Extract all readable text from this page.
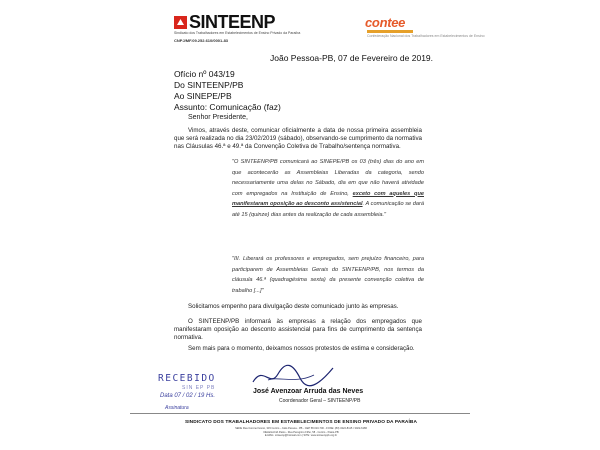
SINTEENP
Sindicato dos Trabalhadores em Estabelecimentos de Ensino Privado da Paraíba
CNPJ/MF.09.252.610/0001-83
contee
Confederação Nacional dos Trabalhadores em Estabelecimentos de Ensino
João Pessoa-PB, 07 de Fevereiro de 2019.
Ofício nº 043/19
Do SINTEENP/PB
Ao SINEPE/PB
Assunto: Comunicação (faz)
Senhor Presidente,
Vimos, através deste, comunicar oficialmente a data de nossa primeira assembleia que será realizada no dia 23/02/2019 (sábado), observando-se cumprimento da normativa nas Cláusulas 46.ª e 49.ª da Convenção Coletiva de Trabalho/sentença normativa.
"O SINTEENP/PB comunicará ao SINEPE/PB os 03 (três) dias do ano em que acontecerão as Assembleias Liberadas da categoria, sendo necessariamente uma delas no Sábado, dia em que não haverá atividade com empregados na Instituição de Ensino, exceto com aqueles que manifestaram oposição ao desconto assistencial. A comunicação se dará até 15 (quinze) dias antes da realização de cada assembleia."
"III. Liberará os professores e empregados, sem prejuízo financeiro, para participarem de Assembleias Gerais do SINTEENP/PB, nos termos da cláusula 46.ª (quadragésima sexta) da presente convenção coletiva de trabalho [...]"
Solicitamos empenho para divulgação deste comunicado junto às empresas.
O SINTEENP/PB informará às empresas a relação dos empregados que manifestaram oposição ao desconto assistencial para fins de cumprimento da sentença normativa.
Sem mais para o momento, deixamos nossos protestos de estima e consideração.
RECEBIDO
SIN EP PB
Data 07 / 02 / 19 Hs.
Assinatura
José Avenzoar Arruda das Neves
Coordenador Geral – SINTEENP/PB
SINDICATO DOS TRABALHADORES EM ESTABELECIMENTOS DE ENSINO PRIVADO DA PARAÍBA
SEDE Rua Coronel Ivonio, 315 Centro - João Pessoa - PB - CEP 58.010-700 - FONE: (83) 3222-8115 / 3022-6186
DELEGACIA Patos - Rua Peregrino Filho, 58 - Centro - Patos-PB
E-MAIL: sinteenp@hotmail.com | SITE: www.sinteenppb.org.br
